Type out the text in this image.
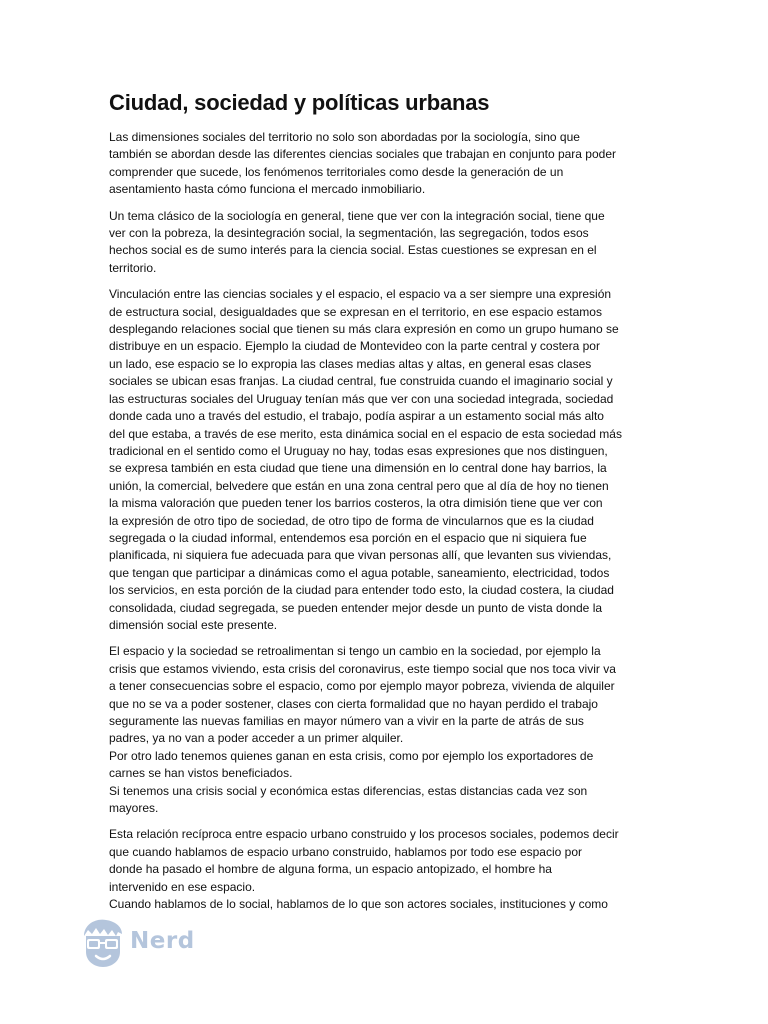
Ciudad, sociedad y políticas urbanas

Las dimensiones sociales del territorio no solo son abordadas por la sociología, sino que
también se abordan desde las diferentes ciencias sociales que trabajan en conjunto para poder
comprender que sucede, los fenómenos territoriales como desde la generación de un
asentamiento hasta cómo funciona el mercado inmobiliario.

Un tema clásico de la sociología en general, tiene que ver con la integración social, tiene que
ver con la pobreza, la desintegración social, la segmentación, las segregación, todos esos
hechos social es de sumo interés para la ciencia social. Estas cuestiones se expresan en el
territorio.

Vinculación entre las ciencias sociales y el espacio, el espacio va a ser siempre una expresión
de estructura social, desigualdades que se expresan en el territorio, en ese espacio estamos
desplegando relaciones social que tienen su más clara expresión en como un grupo humano se
distribuye en un espacio. Ejemplo la ciudad de Montevideo con la parte central y costera por
un lado, ese espacio se lo expropia las clases medias altas y altas, en general esas clases
sociales se ubican esas franjas. La ciudad central, fue construida cuando el imaginario social y
las estructuras sociales del Uruguay tenían más que ver con una sociedad integrada, sociedad
donde cada uno a través del estudio, el trabajo, podía aspirar a un estamento social más alto
del que estaba, a través de ese merito, esta dinámica social en el espacio de esta sociedad más
tradicional en el sentido como el Uruguay no hay, todas esas expresiones que nos distinguen,
se expresa también en esta ciudad que tiene una dimensión en lo central done hay barrios, la
unión, la comercial, belvedere que están en una zona central pero que al día de hoy no tienen
la misma valoración que pueden tener los barrios costeros, la otra dimisión tiene que ver con
la expresión de otro tipo de sociedad, de otro tipo de forma de vincularnos que es la ciudad
segregada o la ciudad informal, entendemos esa porción en el espacio que ni siquiera fue
planificada, ni siquiera fue adecuada para que vivan personas allí, que levanten sus viviendas,
que tengan que participar a dinámicas como el agua potable, saneamiento, electricidad, todos
los servicios, en esta porción de la ciudad para entender todo esto, la ciudad costera, la ciudad
consolidada, ciudad segregada, se pueden entender mejor desde un punto de vista donde la
dimensión social este presente.

El espacio y la sociedad se retroalimentan si tengo un cambio en la sociedad, por ejemplo la
crisis que estamos viviendo, esta crisis del coronavirus, este tiempo social que nos toca vivir va
a tener consecuencias sobre el espacio, como por ejemplo mayor pobreza, vivienda de alquiler
que no se va a poder sostener, clases con cierta formalidad que no hayan perdido el trabajo
seguramente las nuevas familias en mayor número van a vivir en la parte de atrás de sus
padres, ya no van a poder acceder a un primer alquiler.
Por otro lado tenemos quienes ganan en esta crisis, como por ejemplo los exportadores de
carnes se han vistos beneficiados.
Si tenemos una crisis social y económica estas diferencias, estas distancias cada vez son
mayores.

Esta relación recíproca entre espacio urbano construido y los procesos sociales, podemos decir
que cuando hablamos de espacio urbano construido, hablamos por todo ese espacio por
donde ha pasado el hombre de alguna forma, un espacio antopizado, el hombre ha
intervenido en ese espacio.
Cuando hablamos de lo social, hablamos de lo que son actores sociales, instituciones y como

Nerd
